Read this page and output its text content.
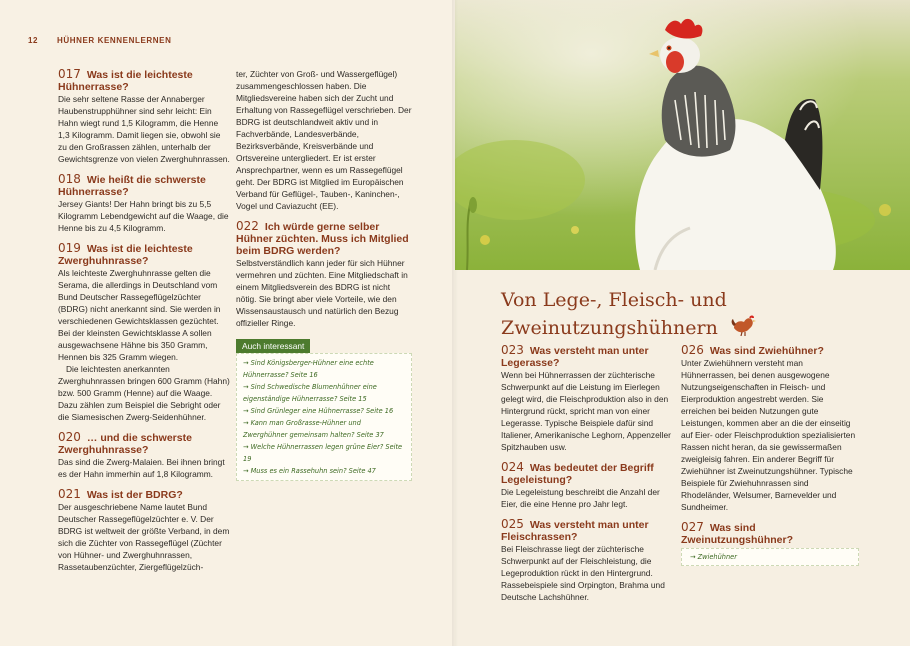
12 HÜHNER KENNENLERNEN
017 Was ist die leichteste Hühnerrasse?

Die sehr seltene Rasse der Annaberger Haubenstrupphühner sind sehr leicht: Ein Hahn wiegt rund 1,5 Kilogramm, die Henne 1,3 Kilogramm. Damit liegen sie, obwohl sie zu den Großrassen zählen, unterhalb der Gewichtsgrenze von vielen Zwerghuhnrassen.

018 Wie heißt die schwerste Hühnerrasse?

Jersey Giants! Der Hahn bringt bis zu 5,5 Kilogramm Lebendgewicht auf die Waage, die Henne bis zu 4,5 Kilogramm.

019 Was ist die leichteste Zwerghuhnrasse?

Als leichteste Zwerghuhnrasse gelten die Serama, die allerdings in Deutschland vom Bund Deutscher Rassegeflügelzüchter (BDRG) nicht anerkannt sind. Sie werden in verschiedenen Gewichtsklassen gezüchtet. Bei der kleinsten Gewichtsklasse A sollen ausgewachsene Hähne bis 350 Gramm, Hennen bis 325 Gramm wiegen.

Die leichtesten anerkannten Zwerghuhnrassen bringen 600 Gramm (Hahn) bzw. 500 Gramm (Henne) auf die Waage. Dazu zählen zum Beispiel die Sebright oder die Siamesischen Zwerg-Seidenhühner.

020 … und die schwerste Zwerghuhnrasse?

Das sind die Zwerg-Malaien. Bei ihnen bringt es der Hahn immerhin auf 1,8 Kilogramm.

021 Was ist der BDRG?

Der ausgeschriebene Name lautet Bund Deutscher Rassegeflügelzüchter e. V. Der BDRG ist weltweit der größte Verband, in dem sich die Züchter von Rassegeflügel (Züchter von Hühner- und Zwerghuhnrassen, Rassetaubenzüchter, Ziergeflügelzüch-

ter, Züchter von Groß- und Wassergeflügel) zusammengeschlossen haben. Die Mitgliedsvereine haben sich der Zucht und Erhaltung von Rassegeflügel verschrieben. Der BDRG ist deutschlandweit aktiv und in Fachverbände, Landesverbände, Bezirksverbände, Kreisverbände und Ortsvereine untergliedert. Er ist erster Ansprechpartner, wenn es um Rassegeflügel geht. Der BDRG ist Mitglied im Europäischen Verband für Geflügel-, Tauben-, Kaninchen-, Vogel und Caviazucht (EE).

022 Ich würde gerne selber Hühner züchten. Muss ich Mitglied beim BDRG werden?

Selbstverständlich kann jeder für sich Hühner vermehren und züchten. Eine Mitgliedschaft in einem Mitgliedsverein des BDRG ist nicht nötig. Sie bringt aber viele Vorteile, wie den Wissensaustausch und natürlich den Bezug offizieller Ringe.

Auch interessant
→ Sind Königsberger-Hühner eine echte Hühnerrasse? Seite 16
→ Sind Schwedische Blumenhühner eine eigenständige Hühnerrasse? Seite 15
→ Sind Grünleger eine Hühnerrasse? Seite 16
→ Kann man Großrasse-Hühner und Zwerghühner gemeinsam halten? Seite 37
→ Welche Hühnerrassen legen grüne Eier? Seite 19
→ Muss es ein Rassehuhn sein? Seite 47
Von Lege-, Fleisch- und
Zweinutzungshühnern
023 Was versteht man unter Legerasse?

Wenn bei Hühnerrassen der züchterische Schwerpunkt auf die Leistung im Eierlegen gelegt wird, die Fleischproduktion also in den Hintergrund rückt, spricht man von einer Legerasse. Typische Beispiele dafür sind Italiener, Amerikanische Leghorn, Appenzeller Spitzhauben usw.

024 Was bedeutet der Begriff Legeleistung?

Die Legeleistung beschreibt die Anzahl der Eier, die eine Henne pro Jahr legt.

025 Was versteht man unter Fleischrassen?

Bei Fleischrasse liegt der züchterische Schwerpunkt auf der Fleischleistung, die Legeproduktion rückt in den Hintergrund. Rassebeispiele sind Orpington, Brahma und Deutsche Lachshühner.

026 Was sind Zwiehühner?

Unter Zwiehühnern versteht man Hühnerrassen, bei denen ausgewogene Nutzungseigenschaften in Fleisch- und Eierproduktion angestrebt werden. Sie erreichen bei beiden Nutzungen gute Leistungen, kommen aber an die der einseitig auf Eier- oder Fleischproduktion spezialisierten Rassen nicht heran, da sie gewissermaßen zweigleisig fahren. Ein anderer Begriff für Zwiehühner ist Zweinutzungshühner. Typische Beispiele für Zwiehuhnrassen sind Rhodeländer, Welsumer, Barnevelder und Sundheimer.

027 Was sind Zweinutzungshühner?
→ Zwiehühner
